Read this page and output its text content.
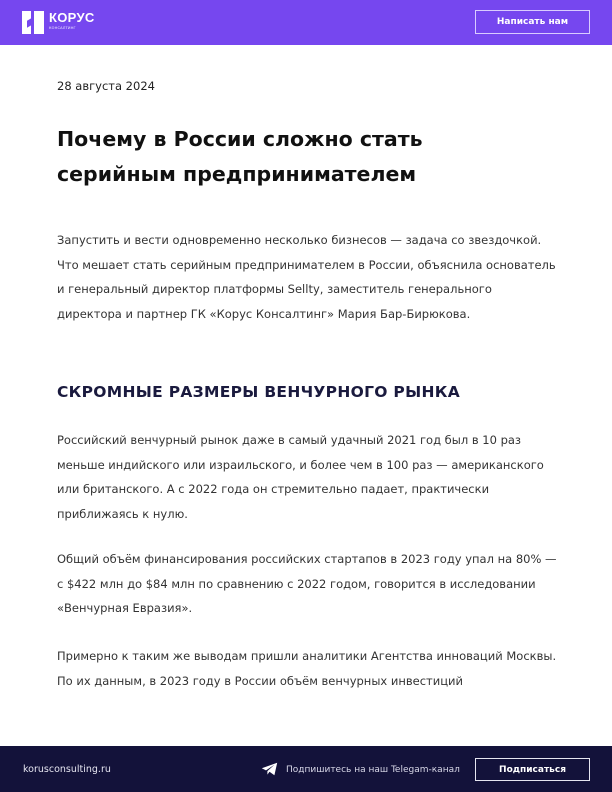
КОРУС
КОНСАЛТИНГ
Написать нам
28 августа 2024
Почему в России сложно стать серийным предпринимателем

Запустить и вести одновременно несколько бизнесов — задача со звездочкой. Что мешает стать серийным предпринимателем в России, объяснила основатель и генеральный директор платформы Sellty, заместитель генерального директора и партнер ГК «Корус Консалтинг» Мария Бар-Бирюкова.

СКРОМНЫЕ РАЗМЕРЫ ВЕНЧУРНОГО РЫНКА

Российский венчурный рынок даже в самый удачный 2021 год был в 10 раз меньше индийского или израильского, и более чем в 100 раз — американского или британского. А с 2022 года он стремительно падает, практически приближаясь к нулю.

Общий объём финансирования российских стартапов в 2023 году упал на 80% — с $422 млн до $84 млн по сравнению с 2022 годом, говорится в исследовании «Венчурная Евразия».

Примерно к таким же выводам пришли аналитики Агентства инноваций Москвы. По их данным, в 2023 году в России объём венчурных инвестиций

korusconsulting.ru	Подпишитесь на наш Telegam-канал	Подписаться
